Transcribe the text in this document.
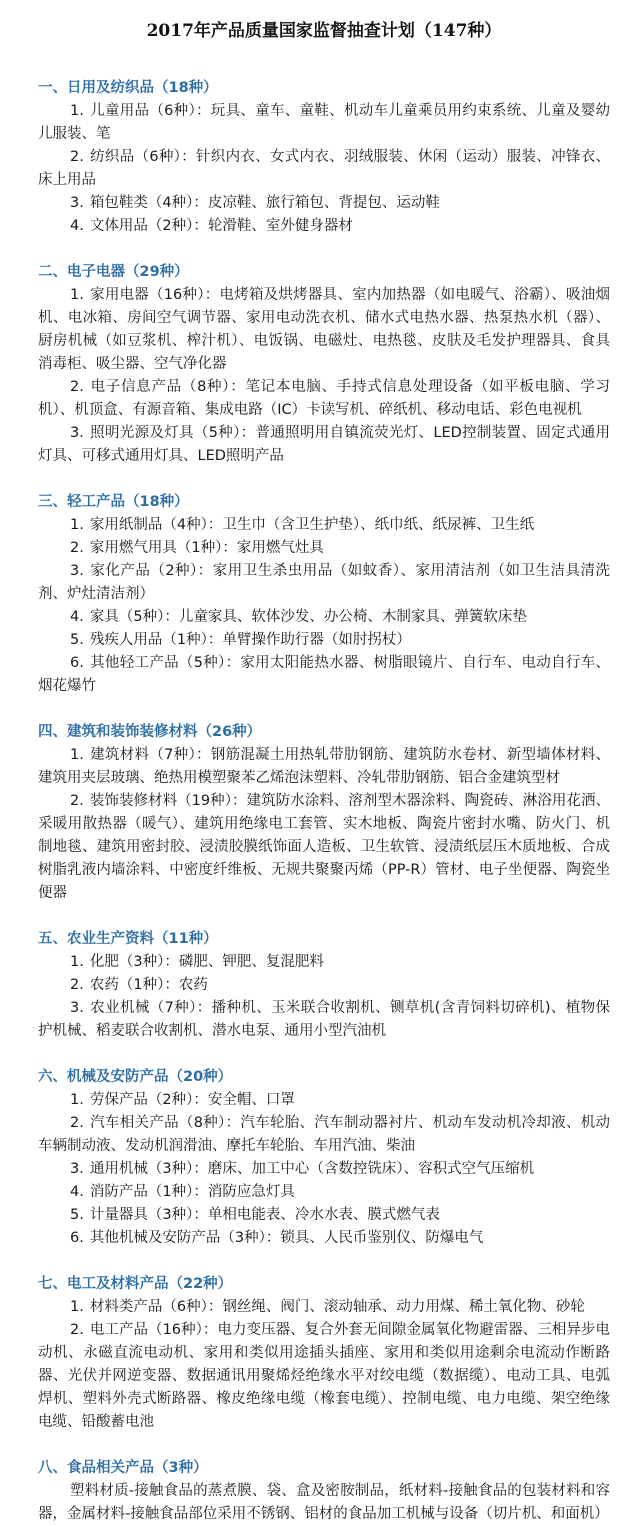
2017年产品质量国家监督抽查计划（147种）
一、日用及纺织品（18种）

1. 儿童用品（6种）：玩具、童车、童鞋、机动车儿童乘员用约束系统、儿童及婴幼儿服装、笔

2. 纺织品（6种）：针织内衣、女式内衣、羽绒服装、休闲（运动）服装、冲锋衣、床上用品

3. 箱包鞋类（4种）：皮凉鞋、旅行箱包、背提包、运动鞋

4. 文体用品（2种）：轮滑鞋、室外健身器材

二、电子电器（29种）

1. 家用电器（16种）：电烤箱及烘烤器具、室内加热器（如电暖气、浴霸）、吸油烟机、电冰箱、房间空气调节器、家用电动洗衣机、储水式电热水器、热泵热水机（器）、厨房机械（如豆浆机、榨汁机）、电饭锅、电磁灶、电热毯、皮肤及毛发护理器具、食具消毒柜、吸尘器、空气净化器

2. 电子信息产品（8种）：笔记本电脑、手持式信息处理设备（如平板电脑、学习机）、机顶盒、有源音箱、集成电路（IC）卡读写机、碎纸机、移动电话、彩色电视机

3. 照明光源及灯具（5种）：普通照明用自镇流荧光灯、LED控制装置、固定式通用灯具、可移式通用灯具、LED照明产品

三、轻工产品（18种）

1. 家用纸制品（4种）：卫生巾（含卫生护垫）、纸巾纸、纸尿裤、卫生纸

2. 家用燃气用具（1种）：家用燃气灶具

3. 家化产品（2种）：家用卫生杀虫用品（如蚊香）、家用清洁剂（如卫生洁具清洗剂、炉灶清洁剂）

4. 家具（5种）：儿童家具、软体沙发、办公椅、木制家具、弹簧软床垫

5. 残疾人用品（1种）：单臂操作助行器（如肘拐杖）

6. 其他轻工产品（5种）：家用太阳能热水器、树脂眼镜片、自行车、电动自行车、烟花爆竹

四、建筑和装饰装修材料（26种）

1. 建筑材料（7种）：钢筋混凝土用热轧带肋钢筋、建筑防水卷材、新型墙体材料、建筑用夹层玻璃、绝热用模塑聚苯乙烯泡沫塑料、冷轧带肋钢筋、铝合金建筑型材

2. 装饰装修材料（19种）：建筑防水涂料、溶剂型木器涂料、陶瓷砖、淋浴用花洒、采暖用散热器（暖气）、建筑用绝缘电工套管、实木地板、陶瓷片密封水嘴、防火门、机制地毯、建筑用密封胶、浸渍胶膜纸饰面人造板、卫生软管、浸渍纸层压木质地板、合成树脂乳液内墙涂料、中密度纤维板、无规共聚聚丙烯（PP-R）管材、电子坐便器、陶瓷坐便器

五、农业生产资料（11种）

1. 化肥（3种）：磷肥、钾肥、复混肥料

2. 农药（1种）：农药

3. 农业机械（7种）：播种机、玉米联合收割机、铡草机(含青饲料切碎机)、植物保护机械、稻麦联合收割机、潜水电泵、通用小型汽油机

六、机械及安防产品（20种）

1. 劳保产品（2种）：安全帽、口罩

2. 汽车相关产品（8种）：汽车轮胎、汽车制动器衬片、机动车发动机冷却液、机动车辆制动液、发动机润滑油、摩托车轮胎、车用汽油、柴油

3. 通用机械（3种）：磨床、加工中心（含数控铣床）、容积式空气压缩机

4. 消防产品（1种）：消防应急灯具

5. 计量器具（3种）：单相电能表、冷水水表、膜式燃气表

6. 其他机械及安防产品（3种）：锁具、人民币鉴别仪、防爆电气

七、电工及材料产品（22种）

1. 材料类产品（6种）：钢丝绳、阀门、滚动轴承、动力用煤、稀土氧化物、砂轮

2. 电工产品（16种）：电力变压器、复合外套无间隙金属氧化物避雷器、三相异步电动机、永磁直流电动机、家用和类似用途插头插座、家用和类似用途剩余电流动作断路器、光伏并网逆变器、数据通讯用聚烯烃绝缘水平对绞电缆（数据缆）、电动工具、电弧焊机、塑料外壳式断路器、橡皮绝缘电缆（橡套电缆）、控制电缆、电力电缆、架空绝缘电缆、铅酸蓄电池

八、食品相关产品（3种）

塑料材质-接触食品的蒸煮膜、袋、盒及密胺制品，纸材料-接触食品的包装材料和容器，金属材料-接触食品部位采用不锈钢、铝材的食品加工机械与设备（切片机、和面机）
